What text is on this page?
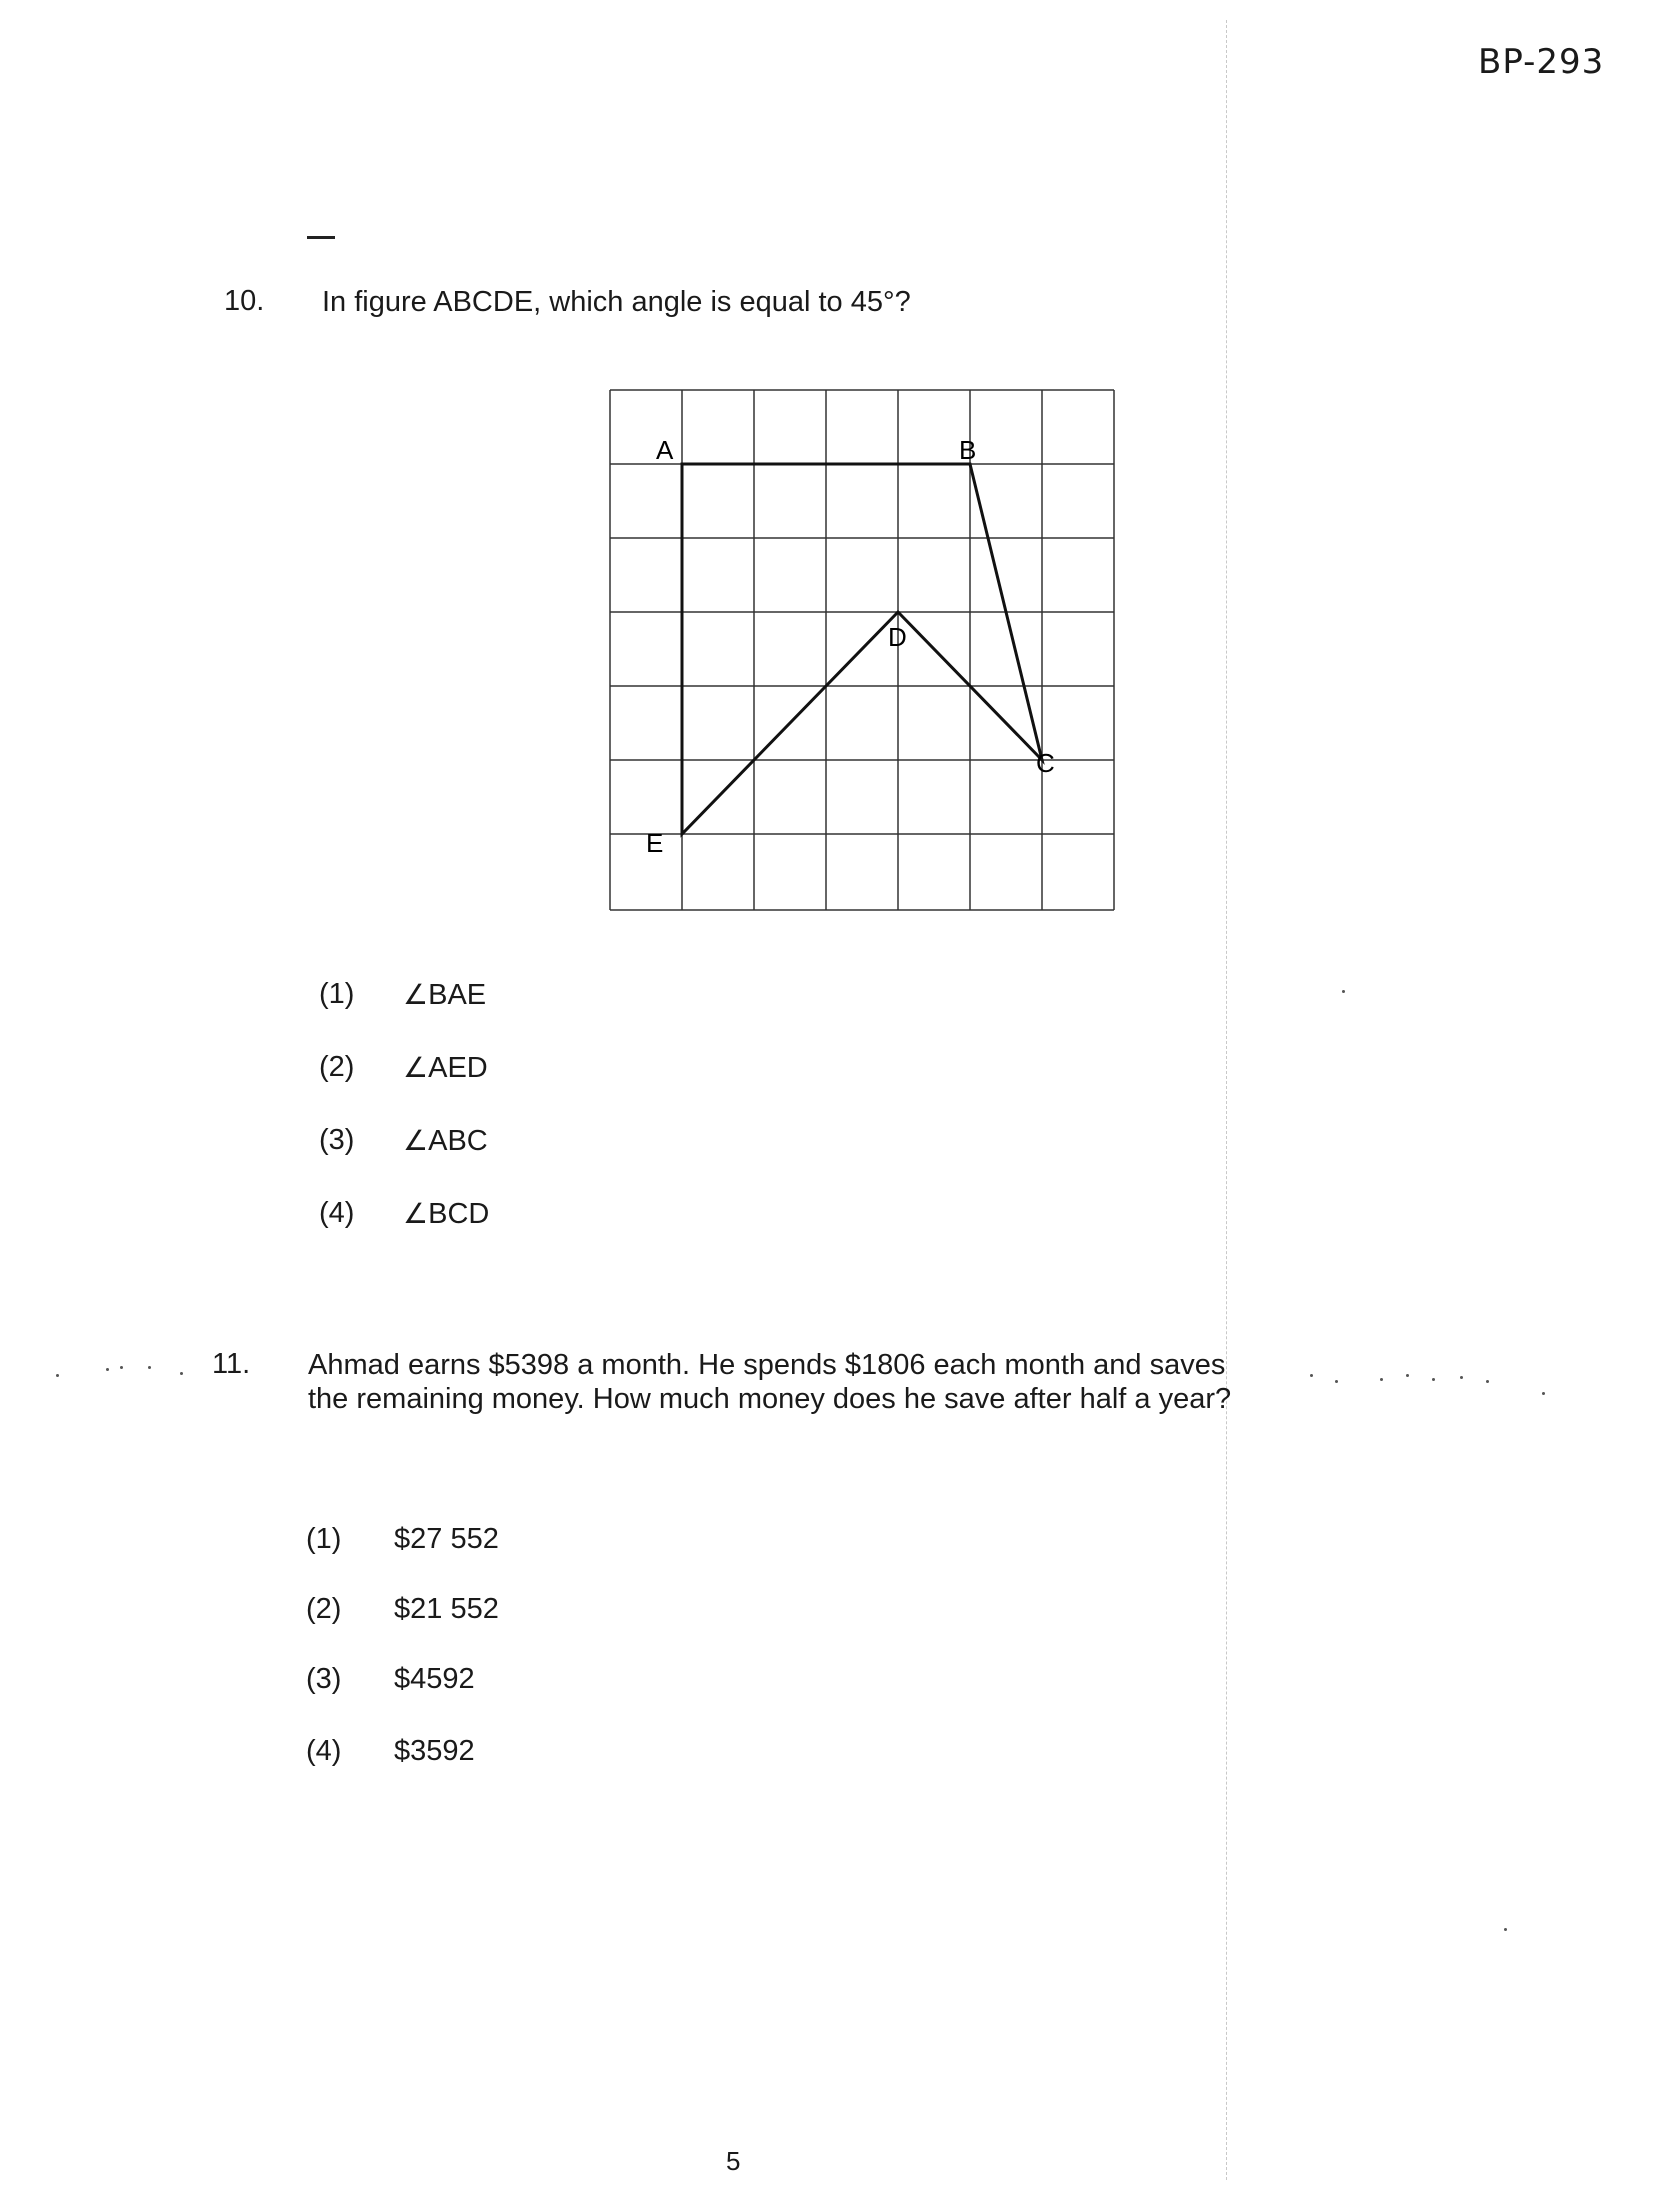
BP-293
10. In figure ABCDE, which angle is equal to 45°?
A	B
C
D
E
(1) ∠BAE
(2) ∠AED
(3) ∠ABC
(4) ∠BCD
11. Ahmad earns $5398 a month. He spends $1806 each month and saves the remaining money. How much money does he save after half a year?
(1) $27 552
(2) $21 552
(3) $4592
(4) $3592
5
